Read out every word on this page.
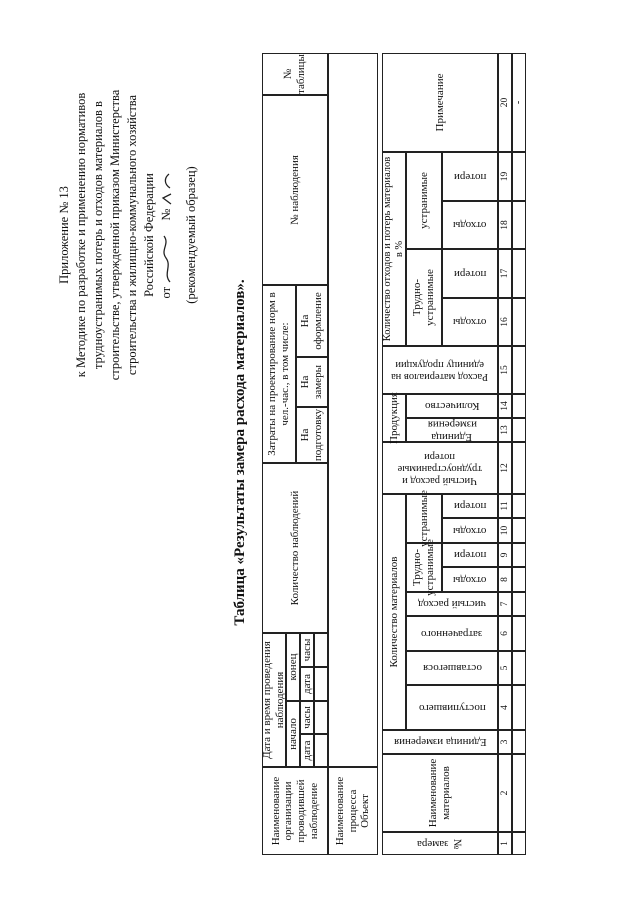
Приложение № 13 к Методике по разработке и применению нормативов трудноустранимых потерь и отходов материалов в строительстве, утвержденной приказом Министерства строительства и жилищно-коммунального хозяйства Российской Федерации от  № (рекомендуемый образец)
Таблица «Результаты замера расхода материалов».
Наименование организации проводившей наблюдение
Дата и время проведения наблюдения
начало
конец
дата
часы
дата
часы
Количество наблюдений
Затраты на проектирование норм в чел.-час., в том числе:
На подготовку
На замеры
На оформление
№ наблюдения
№ таблицы
Наименование процесса Объект
№ замера
Наименование материалов
Единица измерения
Количество материалов
поступившего
оставшегося
затраченного
чистый расход
Трудно-устранимые
устранимые
отходы
потери
отходы
потери
Чистый расход и трудноустранимые потери
Продукция	Единица измерения
Количество
Расход материалов на единицу продукции
Количество отходов и потерь материалов в %
Трудно-устранимые
устранимые
отходы
потери
отходы
потери
Примечание
1
2
3
4
5
6
7
8
9
10
11
12
13
14
15
16
17
18
19
20 -
